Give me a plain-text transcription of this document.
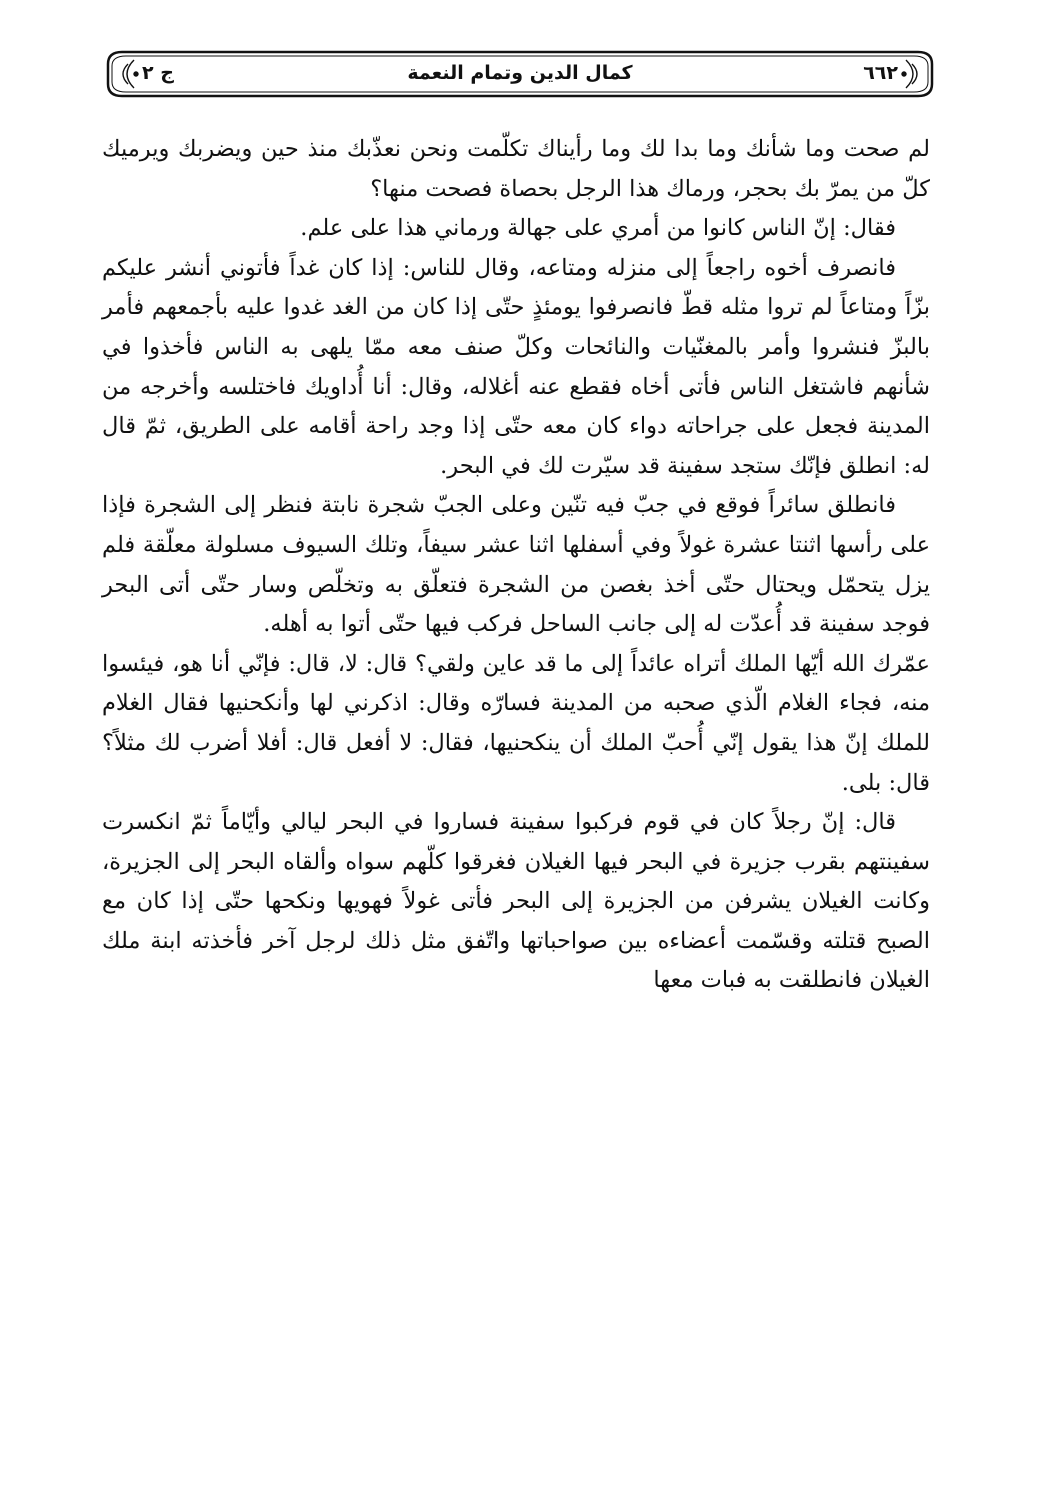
٦٦٢
كمال الدين وتمام النعمة
ج ٢

لم صحت وما شأنك وما بدا لك وما رأيناك تكلّمت ونحن نعذّبك منذ حين ويضربك ويرميك كلّ من يمرّ بك بحجر، ورماك هذا الرجل بحصاة فصحت منها؟

فقال: إنّ الناس كانوا من أمري على جهالة ورماني هذا على علم.

فانصرف أخوه راجعاً إلى منزله ومتاعه، وقال للناس: إذا كان غداً فأتوني أنشر عليكم بزّاً ومتاعاً لم تروا مثله قطّ فانصرفوا يومئذٍ حتّى إذا كان من الغد غدوا عليه بأجمعهم فأمر بالبزّ فنشروا وأمر بالمغنّيات والنائحات وكلّ صنف معه ممّا يلهى به الناس فأخذوا في شأنهم فاشتغل الناس فأتى أخاه فقطع عنه أغلاله، وقال: أنا أُداويك فاختلسه وأخرجه من المدينة فجعل على جراحاته دواء كان معه حتّى إذا وجد راحة أقامه على الطريق، ثمّ قال له: انطلق فإنّك ستجد سفينة قد سيّرت لك في البحر.

فانطلق سائراً فوقع في جبّ فيه تنّين وعلى الجبّ شجرة نابتة فنظر إلى الشجرة فإذا على رأسها اثنتا عشرة غولاً وفي أسفلها اثنا عشر سيفاً، وتلك السيوف مسلولة معلّقة فلم يزل يتحمّل ويحتال حتّى أخذ بغصن من الشجرة فتعلّق به وتخلّص وسار حتّى أتى البحر فوجد سفينة قد أُعدّت له إلى جانب الساحل فركب فيها حتّى أتوا به أهله.

عمّرك الله أيّها الملك أتراه عائداً إلى ما قد عاين ولقي؟ قال: لا، قال: فإنّي أنا هو، فيئسوا منه، فجاء الغلام الّذي صحبه من المدينة فسارّه وقال: اذكرني لها وأنكحنيها فقال الغلام للملك إنّ هذا يقول إنّي أُحبّ الملك أن ينكحنيها، فقال: لا أفعل قال: أفلا أضرب لك مثلاً؟ قال: بلى.

قال: إنّ رجلاً كان في قوم فركبوا سفينة فساروا في البحر ليالي وأيّاماً ثمّ انكسرت سفينتهم بقرب جزيرة في البحر فيها الغيلان فغرقوا كلّهم سواه وألقاه البحر إلى الجزيرة، وكانت الغيلان يشرفن من الجزيرة إلى البحر فأتى غولاً فهويها ونكحها حتّى إذا كان مع الصبح قتلته وقسّمت أعضاءه بين صواحباتها واتّفق مثل ذلك لرجل آخر فأخذته ابنة ملك الغيلان فانطلقت به فبات معها
